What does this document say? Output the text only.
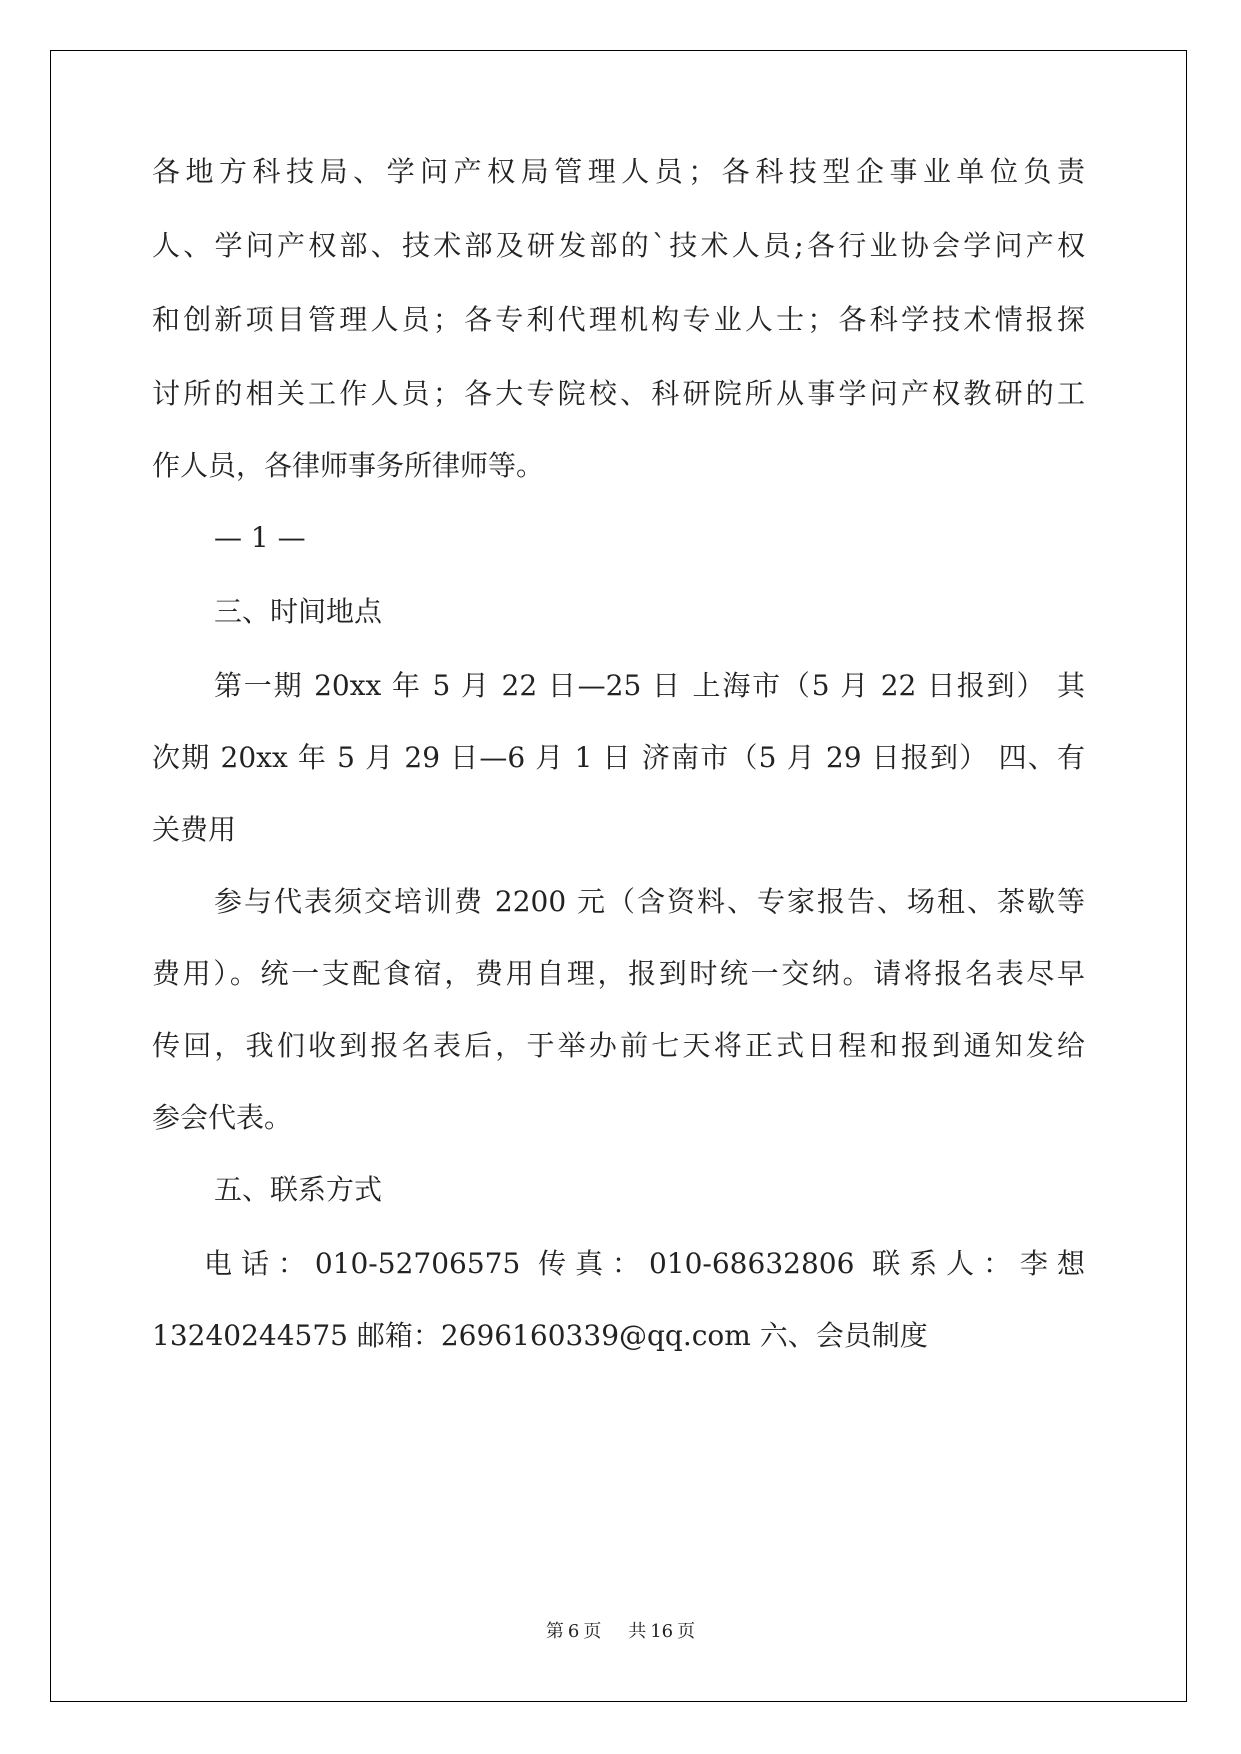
各地方科技局、学问产权局管理人员；各科技型企事业单位负责
人、学问产权部、技术部及研发部的`技术人员;各行业协会学问产权
和创新项目管理人员；各专利代理机构专业人士；各科学技术情报探
讨所的相关工作人员；各大专院校、科研院所从事学问产权教研的工
作人员，各律师事务所律师等。
— 1 —
三、时间地点
第一期 20xx 年 5 月 22 日—25 日 上海市（5 月 22 日报到） 其
次期 20xx 年 5 月 29 日—6 月 1 日 济南市（5 月 29 日报到） 四、有
关费用
参与代表须交培训费 2200 元（含资料、专家报告、场租、茶歇等
费用）。统一支配食宿，费用自理，报到时统一交纳。请将报名表尽早
传回，我们收到报名表后，于举办前七天将正式日程和报到通知发给
参会代表。
五、联系方式
电话：010-52706575 传真：010-68632806 联系人：李想
13240244575 邮箱：2696160339@qq.com 六、会员制度
第 6 页 共 16 页
